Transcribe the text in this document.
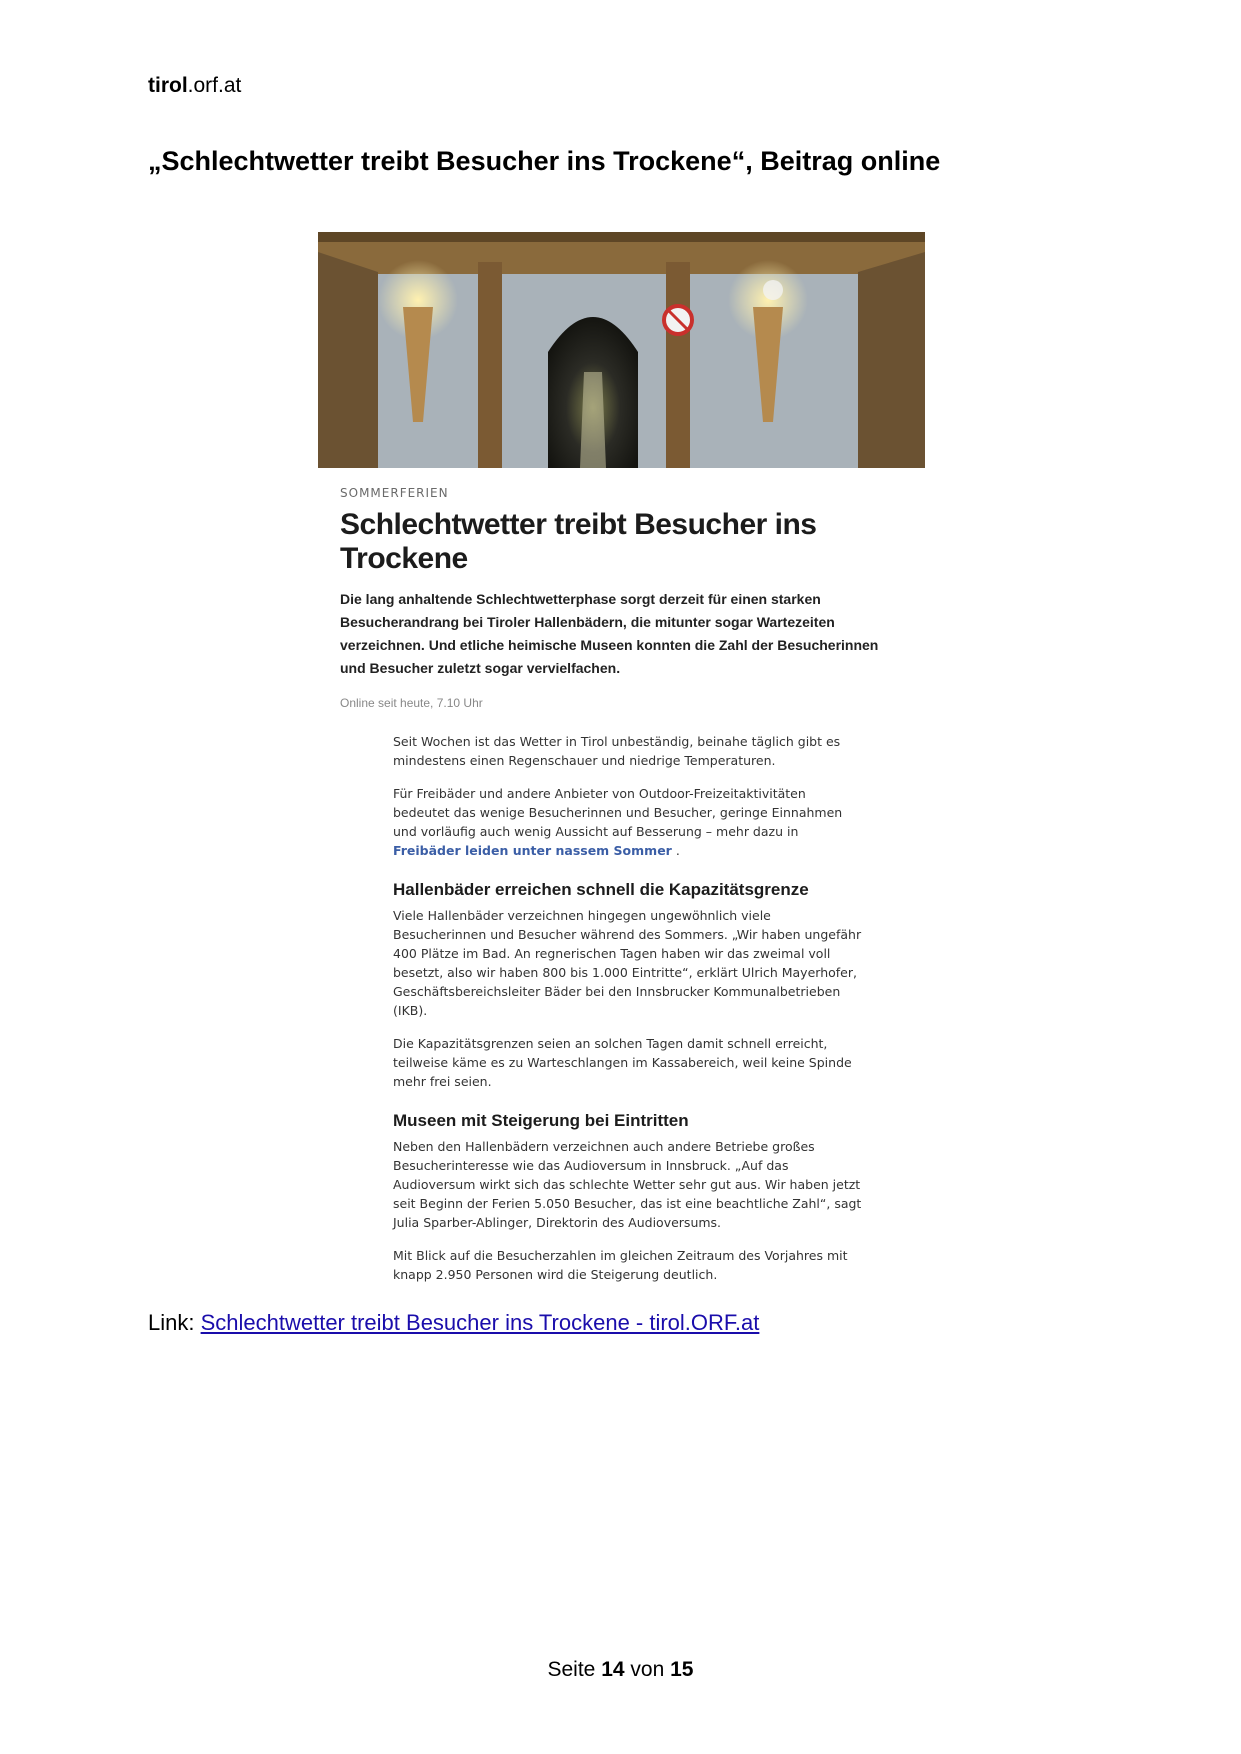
tirol.orf.at
„Schlechtwetter treibt Besucher ins Trockene“, Beitrag online

SOMMERFERIEN

Schlechtwetter treibt Besucher ins Trockene

Die lang anhaltende Schlechtwetterphase sorgt derzeit für einen starken Besucherandrang bei Tiroler Hallenbädern, die mitunter sogar Wartezeiten verzeichnen. Und etliche heimische Museen konnten die Zahl der Besucherinnen und Besucher zuletzt sogar vervielfachen.

Online seit heute, 7.10 Uhr

Seit Wochen ist das Wetter in Tirol unbeständig, beinahe täglich gibt es mindestens einen Regenschauer und niedrige Temperaturen.

Für Freibäder und andere Anbieter von Outdoor-Freizeitaktivitäten bedeutet das wenige Besucherinnen und Besucher, geringe Einnahmen und vorläufig auch wenig Aussicht auf Besserung – mehr dazu in Freibäder leiden unter nassem Sommer .

Hallenbäder erreichen schnell die Kapazitätsgrenze

Viele Hallenbäder verzeichnen hingegen ungewöhnlich viele Besucherinnen und Besucher während des Sommers. „Wir haben ungefähr 400 Plätze im Bad. An regnerischen Tagen haben wir das zweimal voll besetzt, also wir haben 800 bis 1.000 Eintritte“, erklärt Ulrich Mayerhofer, Geschäftsbereichsleiter Bäder bei den Innsbrucker Kommunalbetrieben (IKB).

Die Kapazitätsgrenzen seien an solchen Tagen damit schnell erreicht, teilweise käme es zu Warteschlangen im Kassabereich, weil keine Spinde mehr frei seien.

Museen mit Steigerung bei Eintritten

Neben den Hallenbädern verzeichnen auch andere Betriebe großes Besucherinteresse wie das Audioversum in Innsbruck. „Auf das Audioversum wirkt sich das schlechte Wetter sehr gut aus. Wir haben jetzt seit Beginn der Ferien 5.050 Besucher, das ist eine beachtliche Zahl“, sagt Julia Sparber-Ablinger, Direktorin des Audioversums.

Mit Blick auf die Besucherzahlen im gleichen Zeitraum des Vorjahres mit knapp 2.950 Personen wird die Steigerung deutlich.

Link: Schlechtwetter treibt Besucher ins Trockene - tirol.ORF.at
Seite 14 von 15
